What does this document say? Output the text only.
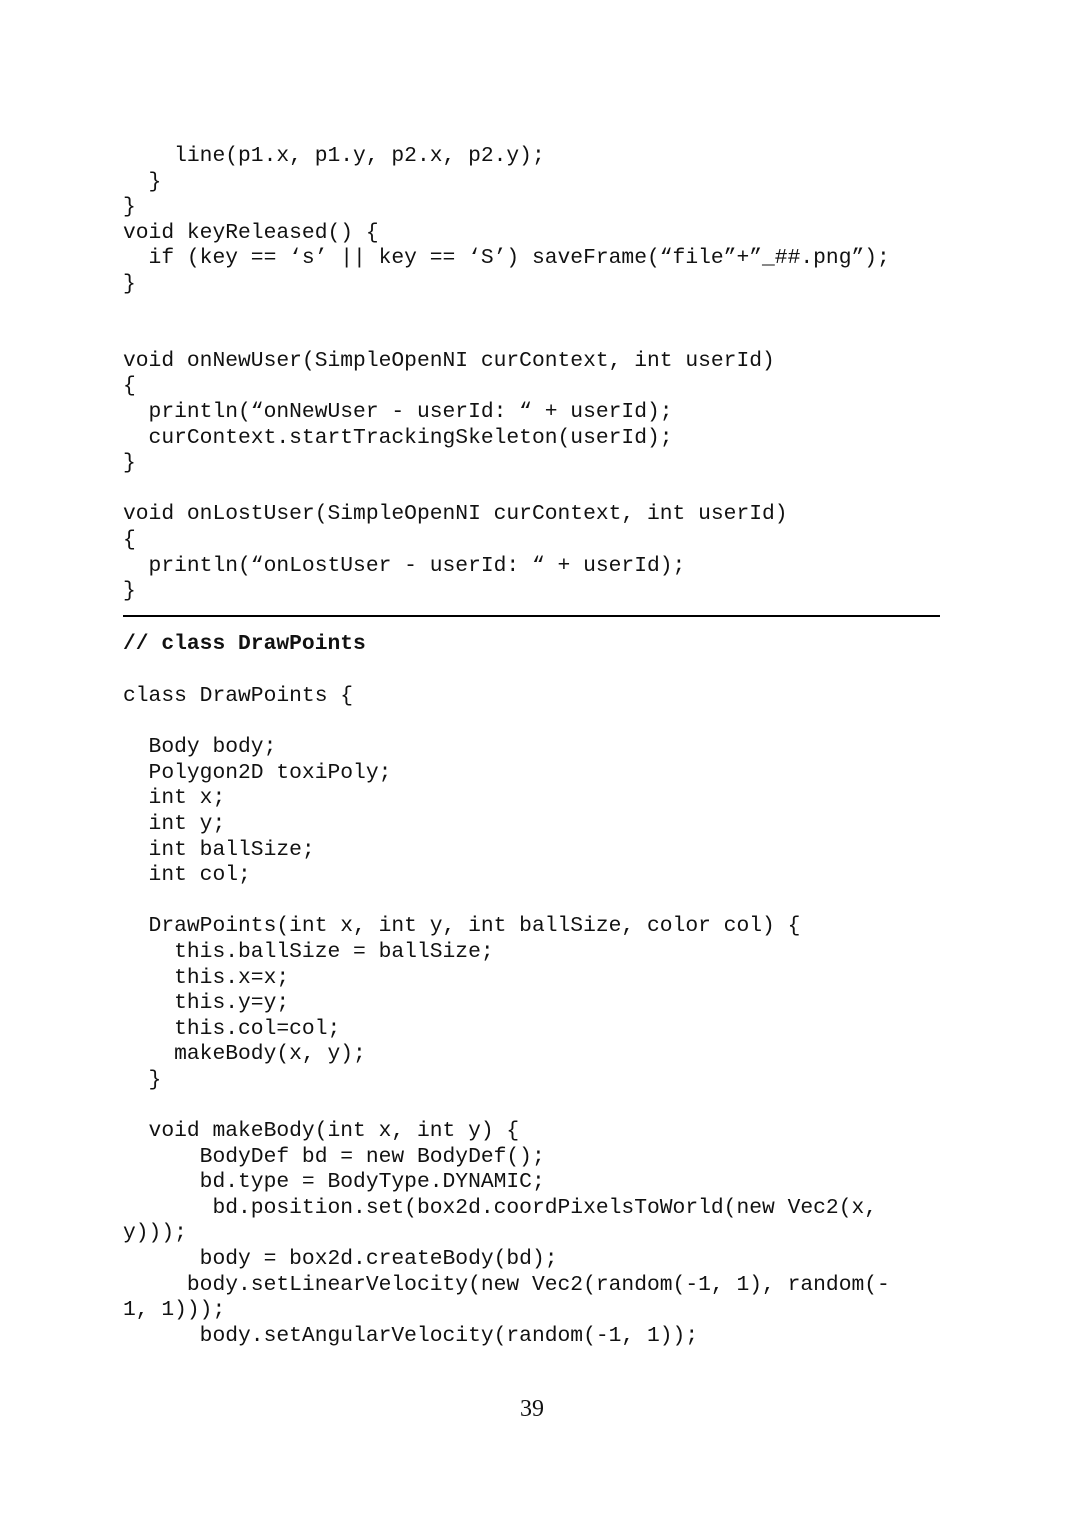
line(p1.x, p1.y, p2.x, p2.y);
}
}
void keyReleased() {
if (key == ‘s’ || key == ‘S’) saveFrame(“file”+”_##.png”);
}
void onNewUser(SimpleOpenNI curContext, int userId)
{
println(“onNewUser - userId: “ + userId);
curContext.startTrackingSkeleton(userId);
}
void onLostUser(SimpleOpenNI curContext, int userId)
{
println(“onLostUser - userId: “ + userId);
}
// class DrawPoints
class DrawPoints {
Body body;
Polygon2D toxiPoly;
int x;
int y;
int ballSize;
int col;
DrawPoints(int x, int y, int ballSize, color col) {
this.ballSize = ballSize;
this.x=x;
this.y=y;
this.col=col;
makeBody(x, y);
}
void makeBody(int x, int y) {
BodyDef bd = new BodyDef();
bd.type = BodyType.DYNAMIC;
bd.position.set(box2d.coordPixelsToWorld(new Vec2(x,
y)));
body = box2d.createBody(bd);
body.setLinearVelocity(new Vec2(random(-1, 1), random(-
1, 1)));
body.setAngularVelocity(random(-1, 1));
39
